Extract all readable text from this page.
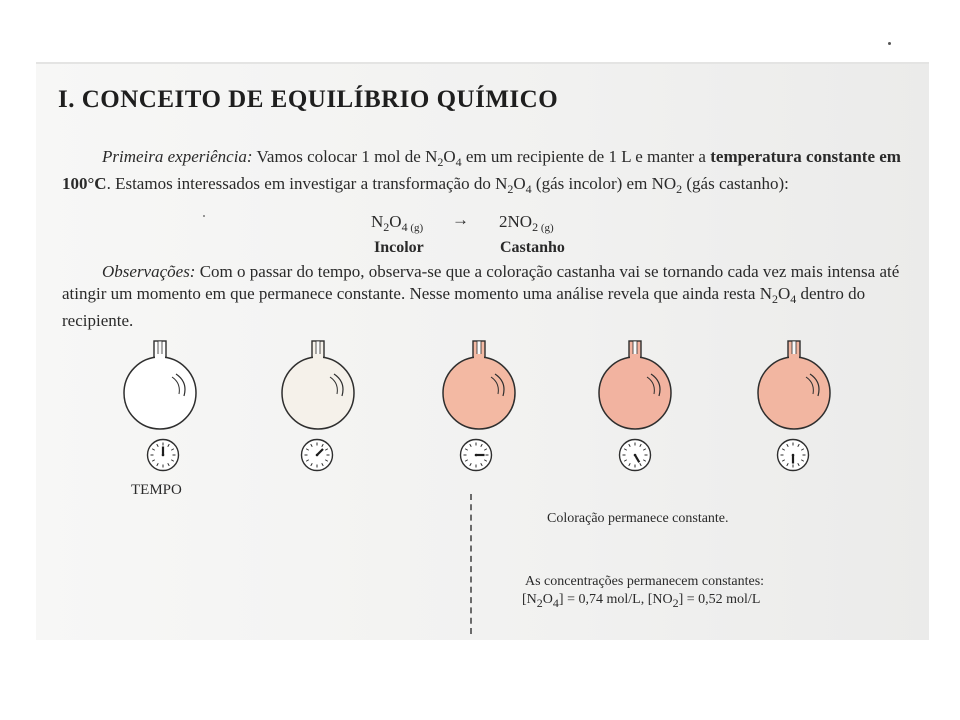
I. CONCEITO DE EQUILÍBRIO QUÍMICO
Primeira experiência: Vamos colocar 1 mol de $N_2O_4$ em um recipiente de 1 L e manter a temperatura constante em 100°C. Estamos interessados em investigar a transformação do $N_2O_4$ (gás incolor) em $NO_2$ (gás castanho):
$N_2O_4$ $_{(g)} \to 2NO_2$ $_{(g)}$
Incolor	Castanho
Observações: Com o passar do tempo, observa-se que a coloração castanha vai se tornando cada vez mais intensa até atingir um momento em que permanece constante. Nesse momento uma análise revela que ainda resta $N_2O_4$ dentro do recipiente.
TEMPO
Coloração permanece constante.
As concentrações permanecem constantes:
[N2O4] = 0,74 mol/L, [NO2] = 0,52 mol/L
